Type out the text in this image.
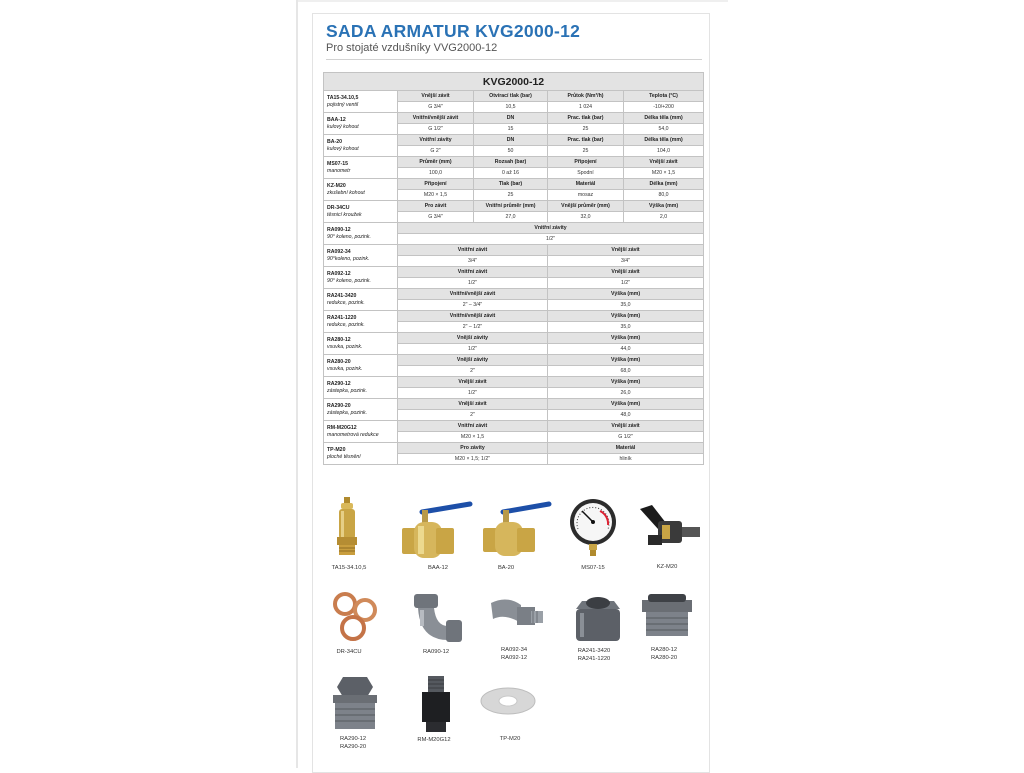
SADA ARMATUR KVG2000-12
Pro stojaté vzdušníky VVG2000-12
KVG2000-12				

TA15-34.10,5
pojistný ventil	Vnější závit	Otvírací tlak (bar)	Průtok (Nm³/h)	Teplota (°C)
	G 3/4"	10,5	1 024	-10/+200

BAA-12
kulový kohout	Vnitřní/vnější závit	DN	Prac. tlak (bar)	Délka těla (mm)
	G 1/2"	15	25	54,0

BA-20
kulový kohout	Vnitřní závity	DN	Prac. tlak (bar)	Délka těla (mm)
	G 2"	50	25	104,0

MS07-15
manometr	Průměr (mm)	Rozsah (bar)	Připojení	Vnější závit
	100,0	0 až 16	Spodní	M20 × 1,5

KZ-M20
zkušební kohout	Připojení	Tlak (bar)	Materiál	Délka (mm)
	M20 × 1,5	25	mosaz	80,0

DR-34CU
těsnicí kroužek	Pro závit	Vnitřní průměr (mm)	Vnější průměr (mm)	Výška (mm)
	G 3/4"	27,0	32,0	2,0

RA090-12
90° koleno, pozink.	Vnitřní závity			
	1/2"			

RA092-34
90°koleno, pozink.	Vnitřní závit		Vnější závit	
	3/4"		3/4"	

RA092-12
90° koleno, pozink.	Vnitřní závit		Vnější závit	
	1/2"		1/2"	

RA241-3420
redukce, pozink.	Vnitřní/vnější závit		Výška (mm)	
	2" – 3/4"		35,0	

RA241-1220
redukce, pozink.	Vnitřní/vnější závit		Výška (mm)	
	2" – 1/2"		35,0	

RA280-12
vsuvka, pozink.	Vnější závity		Výška (mm)	
	1/2"		44,0	

RA280-20
vsuvka, pozink.	Vnější závity		Výška (mm)	
	2"		68,0	

RA290-12
zástepka, pozink.	Vnější závit		Výška (mm)	
	1/2"		26,0	

RA290-20
zástepka, pozink.	Vnější závit		Výška (mm)	
	2"		48,0	

RM-M20G12
manometrová redukce	Vnitřní závit		Vnější závit	
	M20 × 1,5		G 1/2"	

TP-M20
ploché těsnění	Pro závity		Materiál	
	M20 × 1,5; 1/2"		hliník	
TA15-34.10,5	BAA-12	BA-20	MS07-15	KZ-M20
DR-34CU	RA090-12	RA092-34
RA092-12
RA241-3420
RA241-1220
RA280-12
RA280-20
RA290-12
RA290-20
RM-M20G12	TP-M20
